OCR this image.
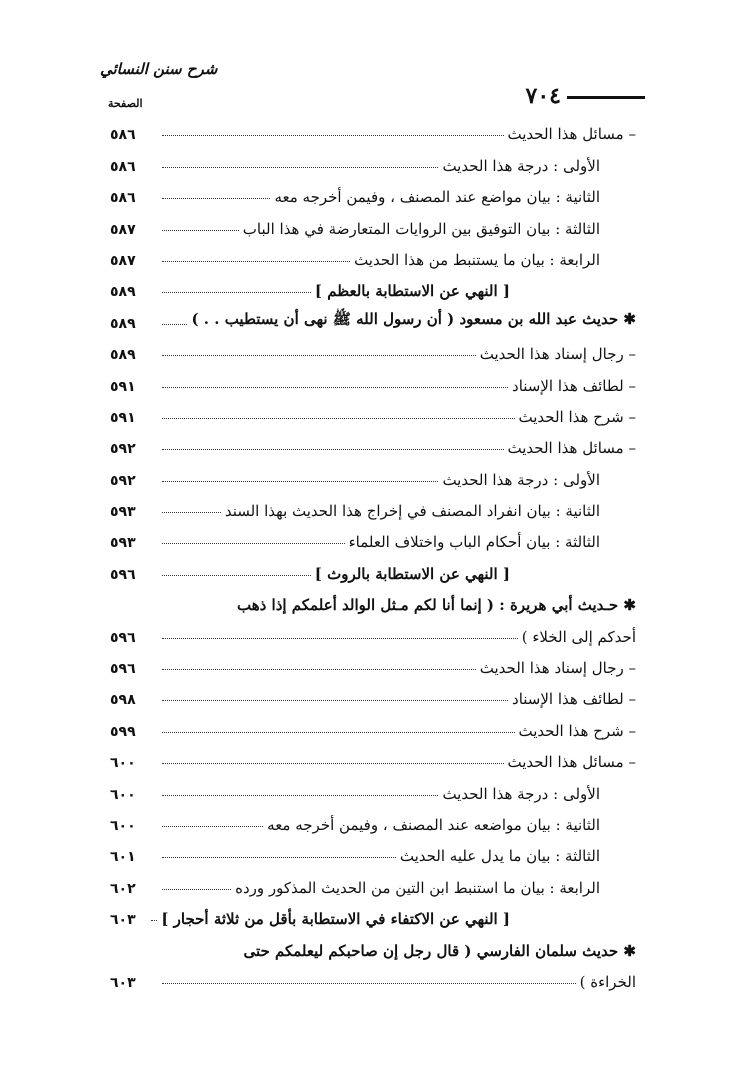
شرح سنن النسائي
٧٠٤
الصفحة
– مسائل هذا الحديث
٥٨٦
الأولى : درجة هذا الحديث
٥٨٦
الثانية : بيان مواضع عند المصنف ، وفيمن أخرجه معه
٥٨٦
الثالثة : بيان التوفيق بين الروايات المتعارضة في هذا الباب
٥٨٧
الرابعة : بيان ما يستنبط من هذا الحديث
٥٨٧
[ النهي عن الاستطابة بالعظم ]
٥٨٩
✱ حديث عبد الله بن مسعود ( أن رسول الله ﷺ نهى أن يستطيب . . )
٥٨٩
– رجال إسناد هذا الحديث
٥٨٩
– لطائف هذا الإسناد
٥٩١
– شرح هذا الحديث
٥٩١
– مسائل هذا الحديث
٥٩٢
الأولى : درجة هذا الحديث
٥٩٢
الثانية : بيان انفراد المصنف في إخراج هذا الحديث بهذا السند
٥٩٣
الثالثة : بيان أحكام الباب واختلاف العلماء
٥٩٣
[ النهي عن الاستطابة بالروث ]
٥٩٦
✱ حـديث أبي هريرة : ( إنما أنا لكم مـثل الوالد أعلمكم إذا ذهب
أحدكم إلى الخلاء )
٥٩٦
– رجال إسناد هذا الحديث
٥٩٦
– لطائف هذا الإسناد
٥٩٨
– شرح هذا الحديث
٥٩٩
– مسائل هذا الحديث
٦٠٠
الأولى : درجة هذا الحديث
٦٠٠
الثانية : بيان مواضعه عند المصنف ، وفيمن أخرجه معه
٦٠٠
الثالثة : بيان ما يدل عليه الحديث
٦٠١
الرابعة : بيان ما استنبط ابن التين من الحديث المذكور ورده
٦٠٢
[ النهي عن الاكتفاء في الاستطابة بأقل من ثلاثة أحجار ]
٦٠٣
✱ حديث سلمان الفارسي ( قال رجل إن صاحبكم ليعلمكم حتى
الخراءة )
٦٠٣
